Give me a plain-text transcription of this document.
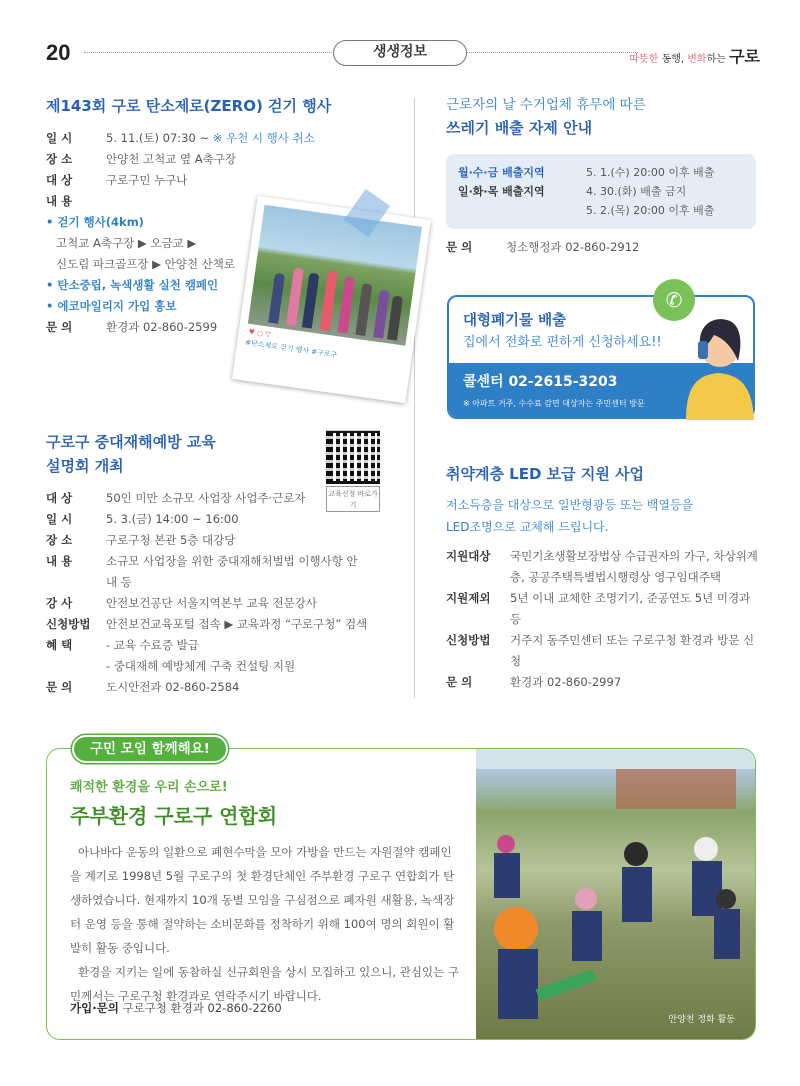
20	생생정보	따뜻한 동행, 변화하는 구로
제143회 구로 탄소제로(ZERO) 걷기 행사
일 시	5. 11.(토) 07:30 ~ ※ 우천 시 행사 취소
장 소	안양천 고척교 옆 A축구장
대 상	구로구민 누구나
내 용
• 걷기 행사(4km)
고척교 A축구장 ▶ 오금교 ▶
신도림 파크골프장 ▶ 안양천 산책로
• 탄소중립, 녹색생활 실천 캠페인
• 에코마일리지 가입 홍보
문 의	환경과 02-860-2599	♥ ○ ▽
#탄소제로 걷기 행사 #구로구
구로구 중대재해예방 교육
설명회 개최
대 상	50인 미만 소규모 사업장 사업주·근로자
일 시	5. 3.(금) 14:00 ~ 16:00
장 소	구로구청 본관 5층 대강당
내 용	소규모 사업장을 위한 중대재해처벌법 이행사항 안내 등
강 사	안전보건공단 서울지역본부 교육 전문강사
신청방법	안전보건교육포털 접속 ▶ 교육과정 “구로구청” 검색
혜 택	- 교육 수료증 발급
- 중대재해 예방체계 구축 컨설팅 지원
문 의	도시안전과 02-860-2584
교육신청 바로가기
근로자의 날 수거업체 휴무에 따른
쓰레기 배출 자제 안내
월·수·금 배출지역	5. 1.(수) 20:00 이후 배출
일·화·목 배출지역	4. 30.(화) 배출 금지
5. 2.(목) 20:00 이후 배출
문 의	청소행정과 02-860-2912
대형폐기물 배출
집에서 전화로 편하게 신청하세요!!
콜센터 02-2615-3203
※ 아파트 거주, 수수료 감면 대상자는 주민센터 방문
✆
취약계층 LED 보급 지원 사업
저소득층을 대상으로 일반형광등 또는 백열등을
LED조명으로 교체해 드립니다.
지원대상	국민기초생활보장법상 수급권자의 가구, 차상위계층, 공공주택특별법시행령상 영구임대주택
지원제외	5년 이내 교체한 조명기기, 준공연도 5년 미경과 등
신청방법	거주지 동주민센터 또는 구로구청 환경과 방문 신청
문 의	환경과 02-860-2997
구민 모임 함께해요!
쾌적한 환경을 우리 손으로!
주부환경 구로구 연합회

아나바다 운동의 일환으로 폐현수막을 모아 가방을 만드는 자원절약 캠페인을 계기로 1998년 5월 구로구의 첫 환경단체인 주부환경 구로구 연합회가 탄생하였습니다. 현재까지 10개 동별 모임을 구심점으로 폐자원 새활용, 녹색장터 운영 등을 통해 절약하는 소비문화를 정착하기 위해 100여 명의 회원이 활발히 활동 중입니다.

환경을 지키는 일에 동참하실 신규회원을 상시 모집하고 있으니, 관심있는 구민께서는 구로구청 환경과로 연락주시기 바랍니다.

가입·문의 구로구청 환경과 02-860-2260
안양천 정화 활동
